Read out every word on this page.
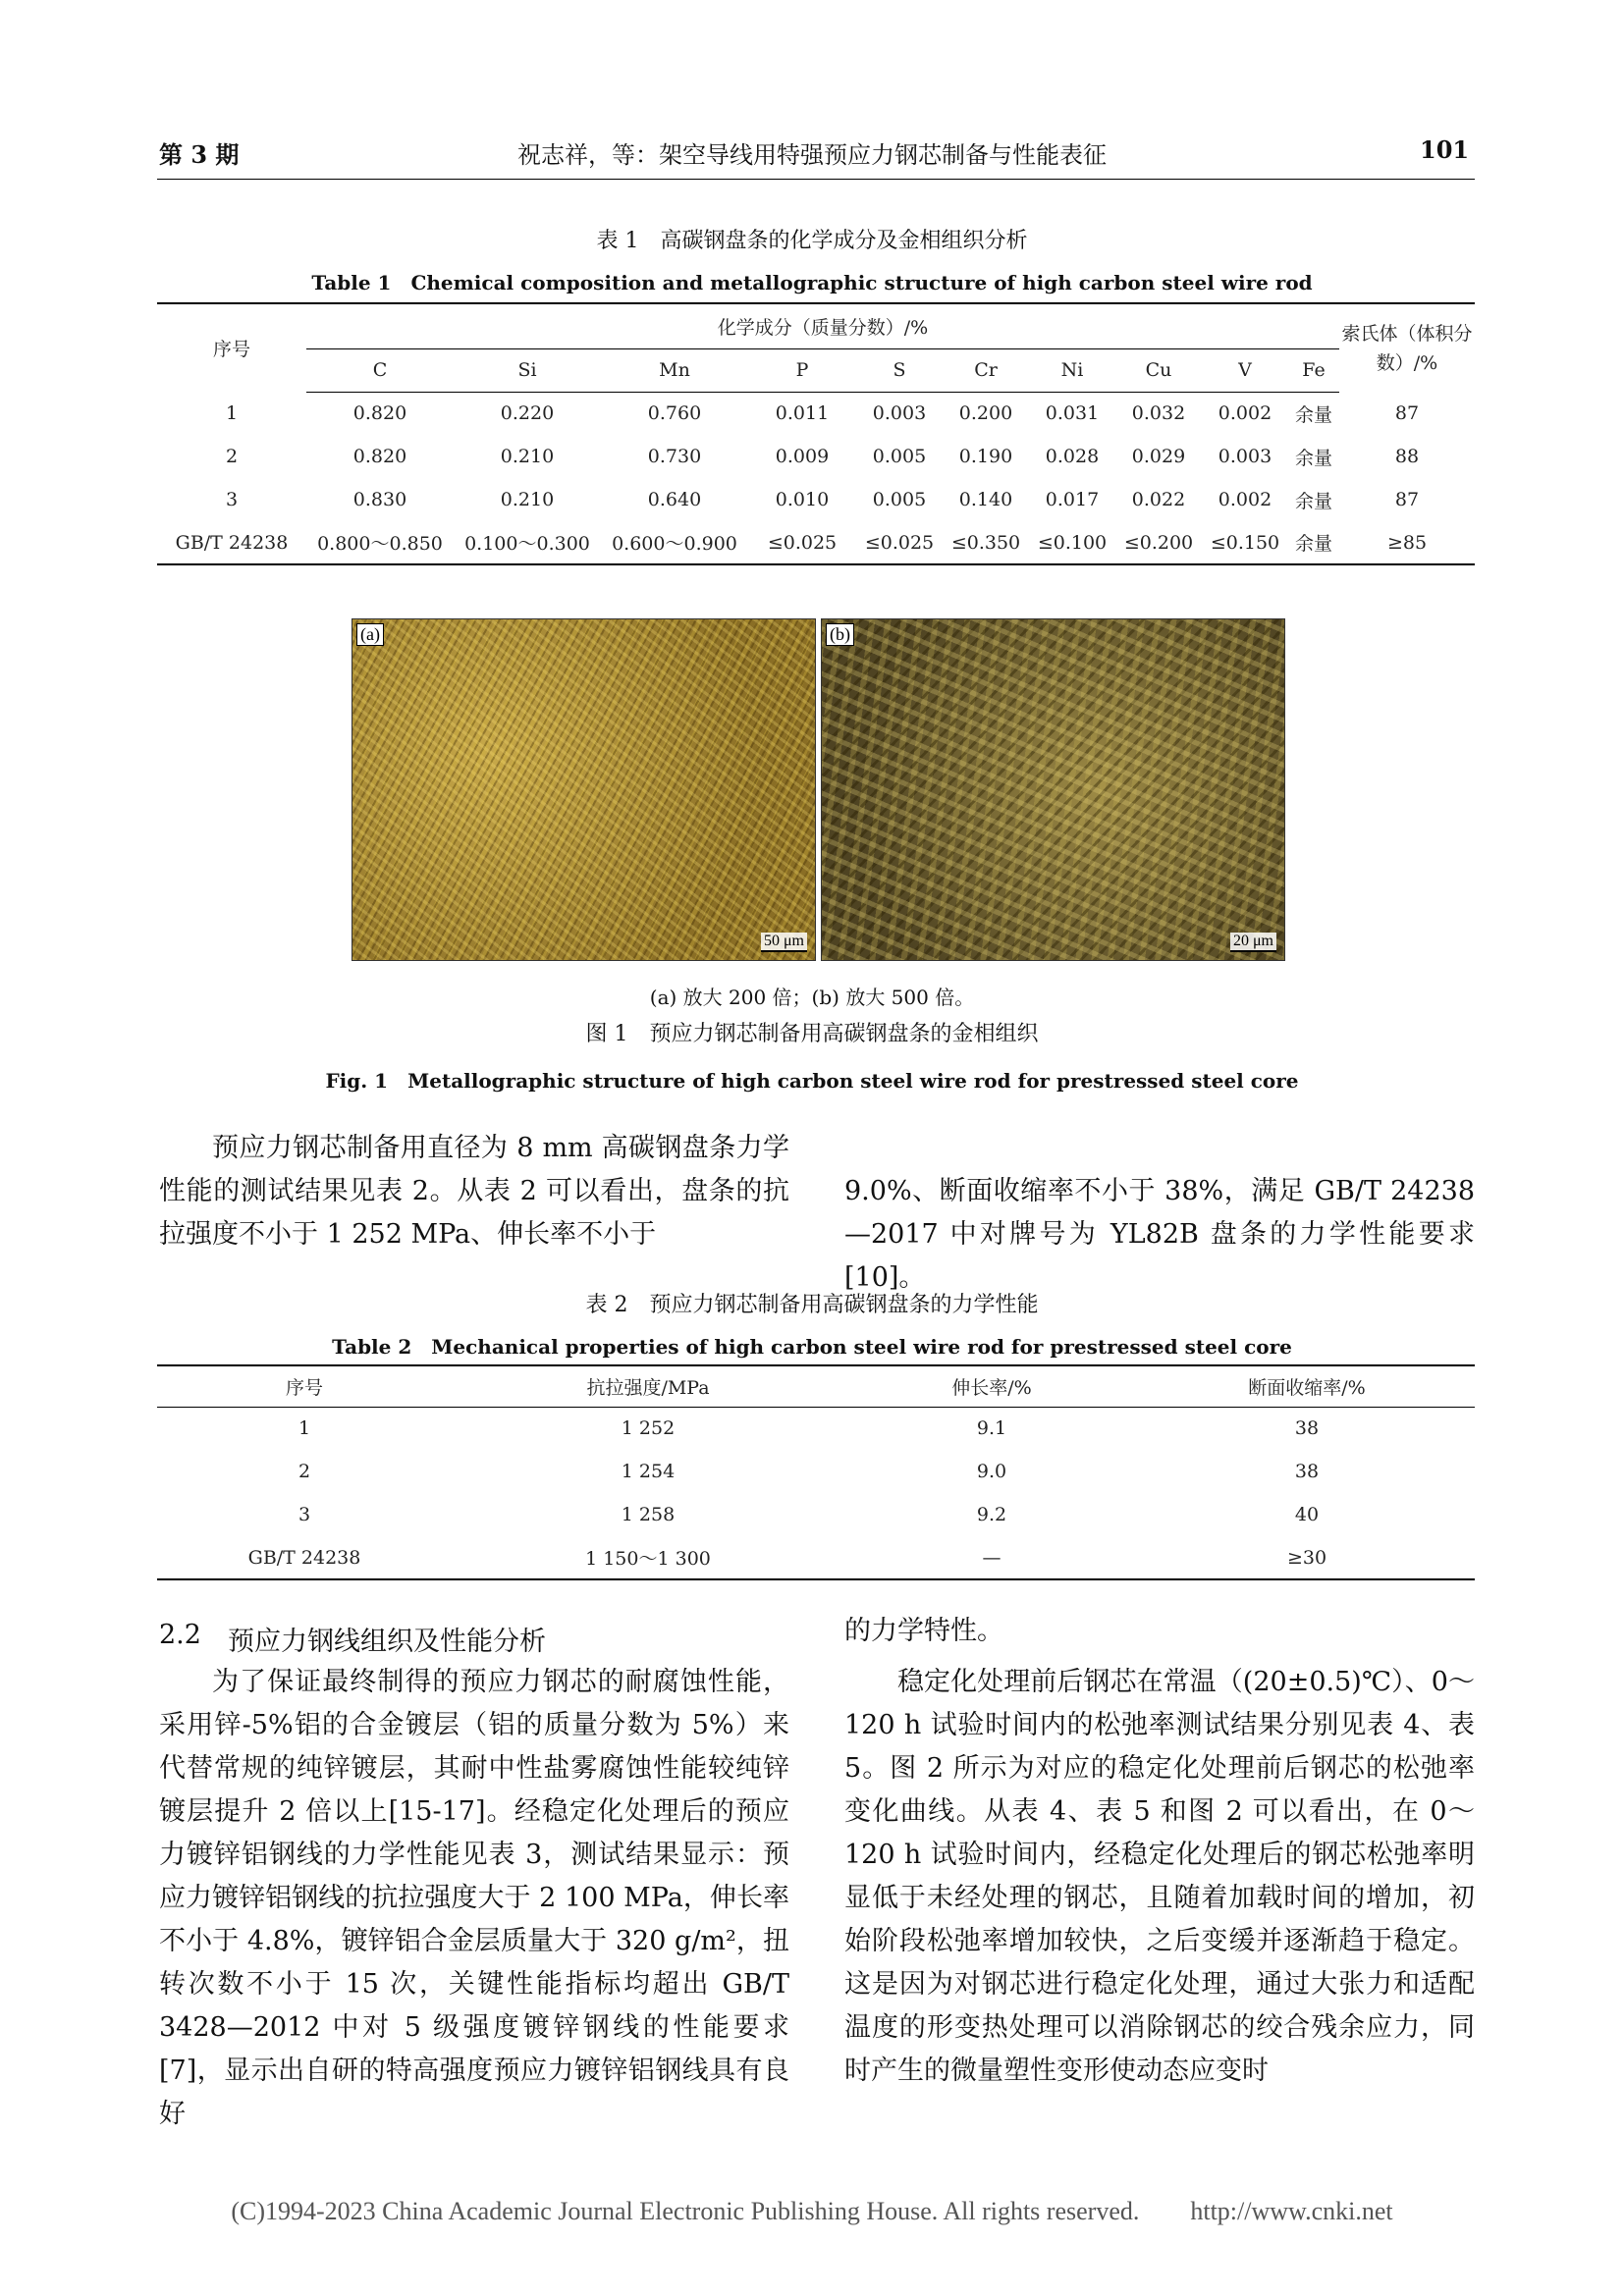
第 3 期	祝志祥，等：架空导线用特强预应力钢芯制备与性能表征	101
表 1　高碳钢盘条的化学成分及金相组织分析
Table 1　Chemical composition and metallographic structure of high carbon steel wire rod
序号	化学成分（质量分数）/%										索氏体（体积分数）/%
	C	Si	Mn	P	S	Cr	Ni	Cu	V	Fe	
1	0.820	0.220	0.760	0.011	0.003	0.200	0.031	0.032	0.002	余量	87
2	0.820	0.210	0.730	0.009	0.005	0.190	0.028	0.029	0.003	余量	88
3	0.830	0.210	0.640	0.010	0.005	0.140	0.017	0.022	0.002	余量	87
GB/T 24238	0.800～0.850	0.100～0.300	0.600～0.900	≤0.025	≤0.025	≤0.350	≤0.100	≤0.200	≤0.150	余量	≥85
(a)
50 μm
(b)
20 μm
(a) 放大 200 倍；(b) 放大 500 倍。
图 1　预应力钢芯制备用高碳钢盘条的金相组织
Fig. 1　Metallographic structure of high carbon steel wire rod for prestressed steel core
预应力钢芯制备用直径为 8 mm 高碳钢盘条力学性能的测试结果见表 2。从表 2 可以看出，盘条的抗拉强度不小于 1 252 MPa、伸长率不小于
9.0%、断面收缩率不小于 38%，满足 GB/T 24238—2017 中对牌号为 YL82B 盘条的力学性能要求[10]。
表 2　预应力钢芯制备用高碳钢盘条的力学性能
Table 2　Mechanical properties of high carbon steel wire rod for prestressed steel core
序号	抗拉强度/MPa	伸长率/%	断面收缩率/%
1	1 252	9.1	38
2	1 254	9.0	38
3	1 258	9.2	40
GB/T 24238	1 150～1 300	—	≥30
2.2 预应力钢线组织及性能分析
为了保证最终制得的预应力钢芯的耐腐蚀性能，采用锌-5%铝的合金镀层（铝的质量分数为 5%）来代替常规的纯锌镀层，其耐中性盐雾腐蚀性能较纯锌镀层提升 2 倍以上[15-17]。经稳定化处理后的预应力镀锌铝钢线的力学性能见表 3，测试结果显示：预应力镀锌铝钢线的抗拉强度大于 2 100 MPa，伸长率不小于 4.8%，镀锌铝合金层质量大于 320 g/m²，扭转次数不小于 15 次，关键性能指标均超出 GB/T 3428—2012 中对 5 级强度镀锌钢线的性能要求[7]，显示出自研的特高强度预应力镀锌铝钢线具有良好
的力学特性。
稳定化处理前后钢芯在常温（(20±0.5)℃）、0～120 h 试验时间内的松弛率测试结果分别见表 4、表 5。图 2 所示为对应的稳定化处理前后钢芯的松弛率变化曲线。从表 4、表 5 和图 2 可以看出，在 0～120 h 试验时间内，经稳定化处理后的钢芯松弛率明显低于未经处理的钢芯，且随着加载时间的增加，初始阶段松弛率增加较快，之后变缓并逐渐趋于稳定。这是因为对钢芯进行稳定化处理，通过大张力和适配温度的形变热处理可以消除钢芯的绞合残余应力，同时产生的微量塑性变形使动态应变时
(C)1994-2023 China Academic Journal Electronic Publishing House. All rights reserved.　　http://www.cnki.net
